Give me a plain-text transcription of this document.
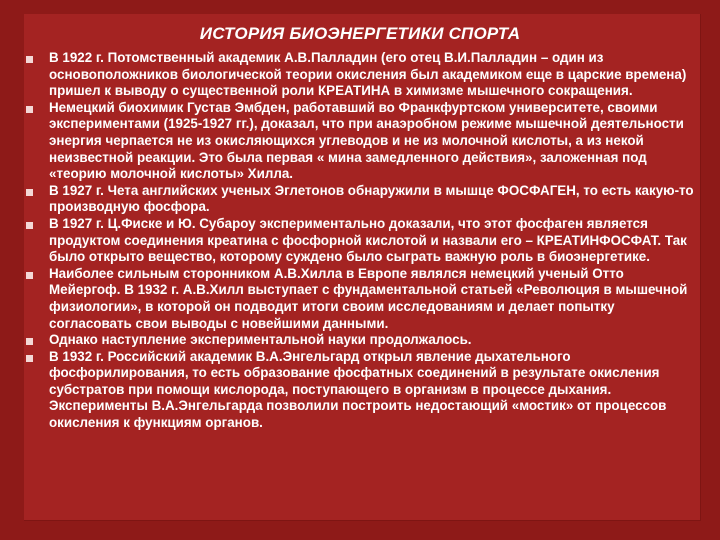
ИСТОРИЯ БИОЭНЕРГЕТИКИ СПОРТА
В 1922 г. Потомственный академик А.В.Палладин (его отец В.И.Палладин – один из основоположников биологической теории окисления был академиком еще в царские времена) пришел к выводу о существенной роли КРЕАТИНА в химизме мышечного сокращения.
Немецкий биохимик Густав Эмбден, работавший во Франкфуртском университете, своими экспериментами (1925-1927 гг.), доказал, что при анаэробном режиме мышечной деятельности энергия черпается не из окисляющихся углеводов и не из молочной кислоты, а из некой неизвестной реакции. Это была первая « мина замедленного действия», заложенная под «теорию молочной кислоты» Хилла.
В 1927 г. Чета английских ученых Эглетонов обнаружили в мышце ФОСФАГЕН, то есть какую-то производную фосфора.
В 1927 г. Ц.Фиске и Ю. Субароу экспериментально доказали, что этот фосфаген является продуктом соединения креатина с фосфорной кислотой и назвали его – КРЕАТИНФОСФАТ. Так было открыто вещество, которому суждено было сыграть важную роль в биоэнергетике.
Наиболее сильным сторонником А.В.Хилла в Европе являлся немецкий ученый Отто Мейергоф. В 1932 г. А.В.Хилл выступает с фундаментальной статьей «Революция в мышечной физиологии», в которой он подводит итоги своим исследованиям и делает попытку согласовать свои выводы с новейшими данными.
Однако наступление экспериментальной науки продолжалось.
В 1932 г. Российский академик В.А.Энгельгард открыл явление дыхательного фосфорилирования, то есть образование фосфатных соединений в результате окисления субстратов при помощи кислорода, поступающего в организм в процессе дыхания. Эксперименты В.А.Энгельгарда позволили построить недостающий «мостик» от процессов окисления к функциям органов.
